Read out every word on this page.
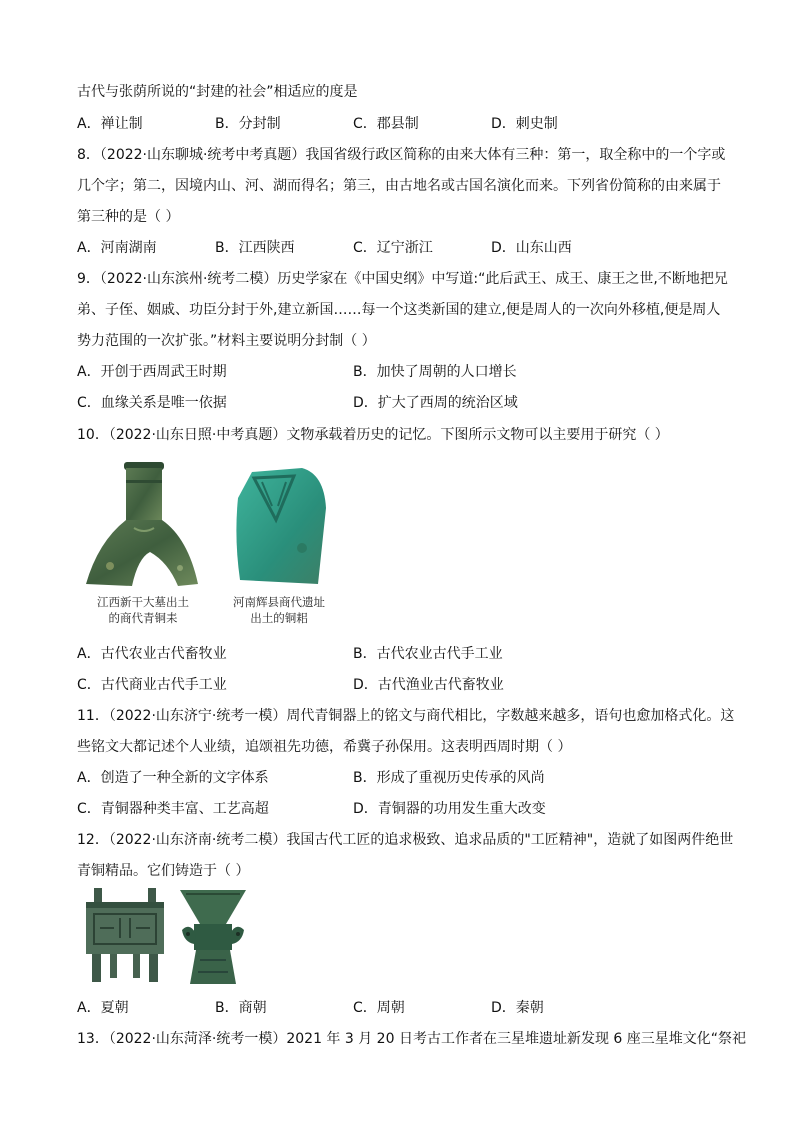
古代与张荫所说的“封建的社会”相适应的度是
A．禅让制	B．分封制	C．郡县制	D．刺史制
8．（2022·山东聊城·统考中考真题）我国省级行政区简称的由来大体有三种：第一，取全称中的一个字或
几个字；第二，因境内山、河、湖而得名；第三，由古地名或古国名演化而来。下列省份简称的由来属于
第三种的是（ ）
A．河南湖南	B．江西陕西	C．辽宁浙江	D．山东山西
9．（2022·山东滨州·统考二模）历史学家在《中国史纲》中写道:“此后武王、成王、康王之世,不断地把兄
弟、子侄、姻戚、功臣分封于外,建立新国……每一个这类新国的建立,便是周人的一次向外移植,便是周人
势力范围的一次扩张。”材料主要说明分封制（ ）
A．开创于西周武王时期	B．加快了周朝的人口增长
C．血缘关系是唯一依据	D．扩大了西周的统治区域
10．（2022·山东日照·中考真题）文物承载着历史的记忆。下图所示文物可以主要用于研究（ ）
江西新干大墓出土
的商代青铜耒
河南辉县商代遗址
出土的铜耜
A．古代农业古代畜牧业	B．古代农业古代手工业
C．古代商业古代手工业	D．古代渔业古代畜牧业
11．（2022·山东济宁·统考一模）周代青铜器上的铭文与商代相比，字数越来越多，语句也愈加格式化。这
些铭文大都记述个人业绩，追颂祖先功德，希冀子孙保用。这表明西周时期（ ）
A．创造了一种全新的文字体系	B．形成了重视历史传承的风尚
C．青铜器种类丰富、工艺高超	D．青铜器的功用发生重大改变
12．（2022·山东济南·统考二模）我国古代工匠的追求极致、追求品质的"工匠精神"，造就了如图两件绝世
青铜精品。它们铸造于（ ）
A．夏朝	B．商朝	C．周朝	D．秦朝
13．（2022·山东菏泽·统考一模）2021 年 3 月 20 日考古工作者在三星堆遗址新发现 6 座三星堆文化“祭祀
